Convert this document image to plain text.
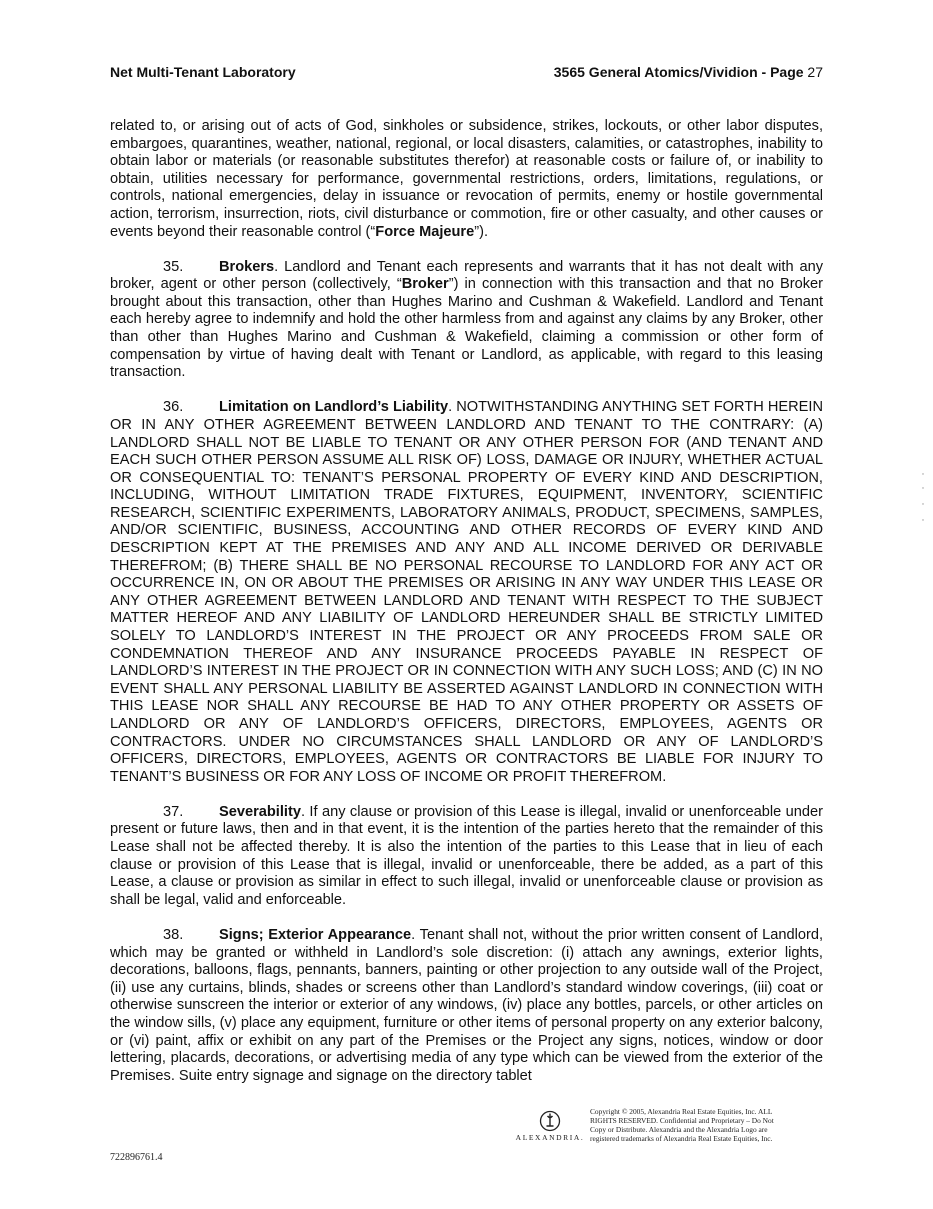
Net Multi-Tenant Laboratory	3565 General Atomics/Vividion - Page 27

related to, or arising out of acts of God, sinkholes or subsidence, strikes, lockouts, or other labor disputes, embargoes, quarantines, weather, national, regional, or local disasters, calamities, or catastrophes, inability to obtain labor or materials (or reasonable substitutes therefor) at reasonable costs or failure of, or inability to obtain, utilities necessary for performance, governmental restrictions, orders, limitations, regulations, or controls, national emergencies, delay in issuance or revocation of permits, enemy or hostile governmental action, terrorism, insurrection, riots, civil disturbance or commotion, fire or other casualty, and other causes or events beyond their reasonable control (“Force Majeure”).

35. Brokers. Landlord and Tenant each represents and warrants that it has not dealt with any broker, agent or other person (collectively, “Broker”) in connection with this transaction and that no Broker brought about this transaction, other than Hughes Marino and Cushman & Wakefield. Landlord and Tenant each hereby agree to indemnify and hold the other harmless from and against any claims by any Broker, other than other than Hughes Marino and Cushman & Wakefield, claiming a commission or other form of compensation by virtue of having dealt with Tenant or Landlord, as applicable, with regard to this leasing transaction.

36. Limitation on Landlord’s Liability. NOTWITHSTANDING ANYTHING SET FORTH HEREIN OR IN ANY OTHER AGREEMENT BETWEEN LANDLORD AND TENANT TO THE CONTRARY: (A) LANDLORD SHALL NOT BE LIABLE TO TENANT OR ANY OTHER PERSON FOR (AND TENANT AND EACH SUCH OTHER PERSON ASSUME ALL RISK OF) LOSS, DAMAGE OR INJURY, WHETHER ACTUAL OR CONSEQUENTIAL TO: TENANT’S PERSONAL PROPERTY OF EVERY KIND AND DESCRIPTION, INCLUDING, WITHOUT LIMITATION TRADE FIXTURES, EQUIPMENT, INVENTORY, SCIENTIFIC RESEARCH, SCIENTIFIC EXPERIMENTS, LABORATORY ANIMALS, PRODUCT, SPECIMENS, SAMPLES, AND/OR SCIENTIFIC, BUSINESS, ACCOUNTING AND OTHER RECORDS OF EVERY KIND AND DESCRIPTION KEPT AT THE PREMISES AND ANY AND ALL INCOME DERIVED OR DERIVABLE THEREFROM; (B) THERE SHALL BE NO PERSONAL RECOURSE TO LANDLORD FOR ANY ACT OR OCCURRENCE IN, ON OR ABOUT THE PREMISES OR ARISING IN ANY WAY UNDER THIS LEASE OR ANY OTHER AGREEMENT BETWEEN LANDLORD AND TENANT WITH RESPECT TO THE SUBJECT MATTER HEREOF AND ANY LIABILITY OF LANDLORD HEREUNDER SHALL BE STRICTLY LIMITED SOLELY TO LANDLORD’S INTEREST IN THE PROJECT OR ANY PROCEEDS FROM SALE OR CONDEMNATION THEREOF AND ANY INSURANCE PROCEEDS PAYABLE IN RESPECT OF LANDLORD’S INTEREST IN THE PROJECT OR IN CONNECTION WITH ANY SUCH LOSS; AND (C) IN NO EVENT SHALL ANY PERSONAL LIABILITY BE ASSERTED AGAINST LANDLORD IN CONNECTION WITH THIS LEASE NOR SHALL ANY RECOURSE BE HAD TO ANY OTHER PROPERTY OR ASSETS OF LANDLORD OR ANY OF LANDLORD’S OFFICERS, DIRECTORS, EMPLOYEES, AGENTS OR CONTRACTORS. UNDER NO CIRCUMSTANCES SHALL LANDLORD OR ANY OF LANDLORD’S OFFICERS, DIRECTORS, EMPLOYEES, AGENTS OR CONTRACTORS BE LIABLE FOR INJURY TO TENANT’S BUSINESS OR FOR ANY LOSS OF INCOME OR PROFIT THEREFROM.

37. Severability. If any clause or provision of this Lease is illegal, invalid or unenforceable under present or future laws, then and in that event, it is the intention of the parties hereto that the remainder of this Lease shall not be affected thereby. It is also the intention of the parties to this Lease that in lieu of each clause or provision of this Lease that is illegal, invalid or unenforceable, there be added, as a part of this Lease, a clause or provision as similar in effect to such illegal, invalid or unenforceable clause or provision as shall be legal, valid and enforceable.

38. Signs; Exterior Appearance. Tenant shall not, without the prior written consent of Landlord, which may be granted or withheld in Landlord’s sole discretion: (i) attach any awnings, exterior lights, decorations, balloons, flags, pennants, banners, painting or other projection to any outside wall of the Project, (ii) use any curtains, blinds, shades or screens other than Landlord’s standard window coverings, (iii) coat or otherwise sunscreen the interior or exterior of any windows, (iv) place any bottles, parcels, or other articles on the window sills, (v) place any equipment, furniture or other items of personal property on any exterior balcony, or (vi) paint, affix or exhibit on any part of the Premises or the Project any signs, notices, window or door lettering, placards, decorations, or advertising media of any type which can be viewed from the exterior of the Premises. Suite entry signage and signage on the directory tablet

ALEXANDRIA.
Copyright © 2005, Alexandria Real Estate Equities, Inc. ALL
RIGHTS RESERVED. Confidential and Proprietary – Do Not
Copy or Distribute. Alexandria and the Alexandria Logo are
registered trademarks of Alexandria Real Estate Equities, Inc.
722896761.4
